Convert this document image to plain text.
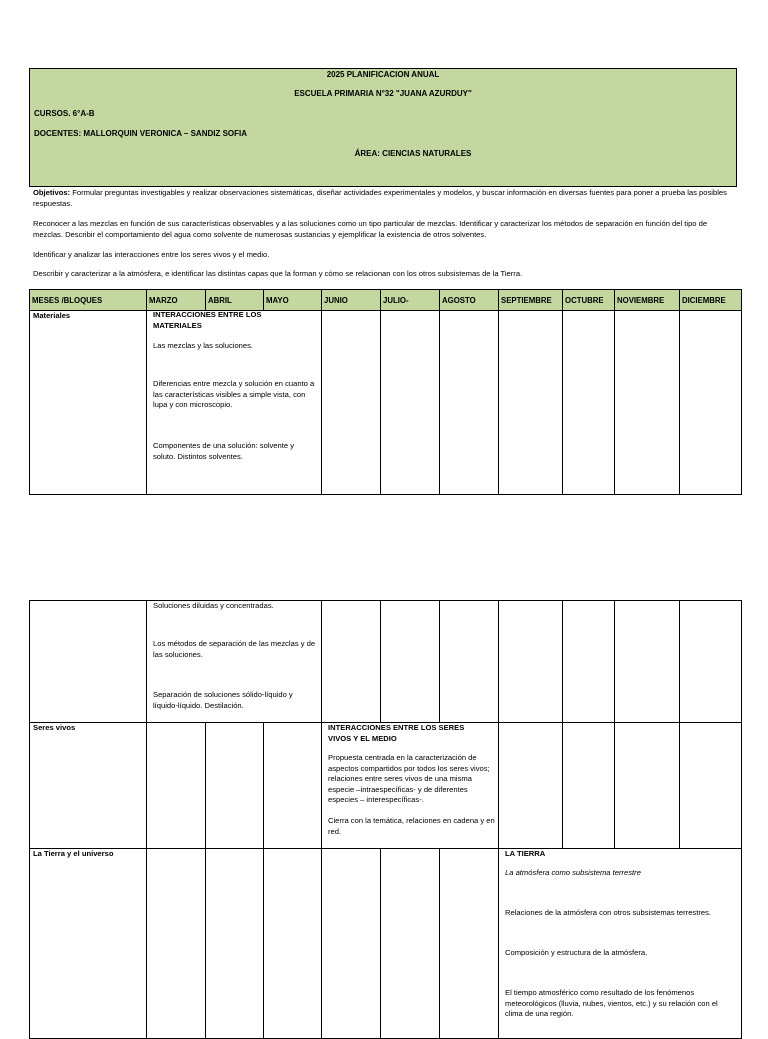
2025 PLANIFICACION ANUAL
ESCUELA PRIMARIA N°32 "JUANA AZURDUY"
CURSOS. 6°A-B
DOCENTES: MALLORQUIN VERONICA – SANDIZ SOFIA
ÁREA: CIENCIAS NATURALES
Objetivos: Formular preguntas investigables y realizar observaciones sistemáticas, diseñar actividades experimentales y modelos, y buscar información en diversas fuentes para poner a prueba las posibles respuestas.
Reconocer a las mezclas en función de sus características observables y a las soluciones como un tipo particular de mezclas. Identificar y caracterizar los métodos de separación en función del tipo de mezclas. Describir el comportamiento del agua como solvente de numerosas sustancias y ejemplificar la existencia de otros solventes.
Identificar y analizar las interacciones entre los seres vivos y el medio.
Describir y caracterizar a la atmósfera, e identificar las distintas capas que la forman y cómo se relacionan con los otros subsistemas de la Tierra.
MESES /BLOQUES	MARZO	ABRIL	MAYO	JUNIO	JULIO-	AGOSTO	SEPTIEMBRE	OCTUBRE	NOVIEMBRE	DICIEMBRE
Materiales	INTERACCIONES ENTRE LOS MATERIALES
Las mezclas y las soluciones.
Diferencias entre mezcla y solución en cuanto a las características visibles a simple vista, con lupa y con microscopio.
Componentes de una solución: solvente y soluto. Distintos solventes.									

	Soluciones diluidas y concentradas.
Los métodos de separación de las mezclas y de las soluciones.
Separación de soluciones sólido-líquido y líquido-líquido. Destilación.									

Seres vivos				INTERACCIONES ENTRE LOS SERES VIVOS Y EL MEDIO
Propuesta centrada en la caracterización de aspectos compartidos por todos los seres vivos; relaciones entre seres vivos de una misma especie –intraespecíficas- y de diferentes especies – interespecíficas-.
Cierra con la temática, relaciones en cadena y en red.						

La Tierra y el universo							LA TIERRA
La atmósfera como subsistema terrestre
Relaciones de la atmósfera con otros subsistemas terrestres.
Composición y estructura de la atmósfera.
El tiempo atmosférico como resultado de los fenómenos meteorológicos (lluvia, nubes, vientos, etc.) y su relación con el clima de una región.			
